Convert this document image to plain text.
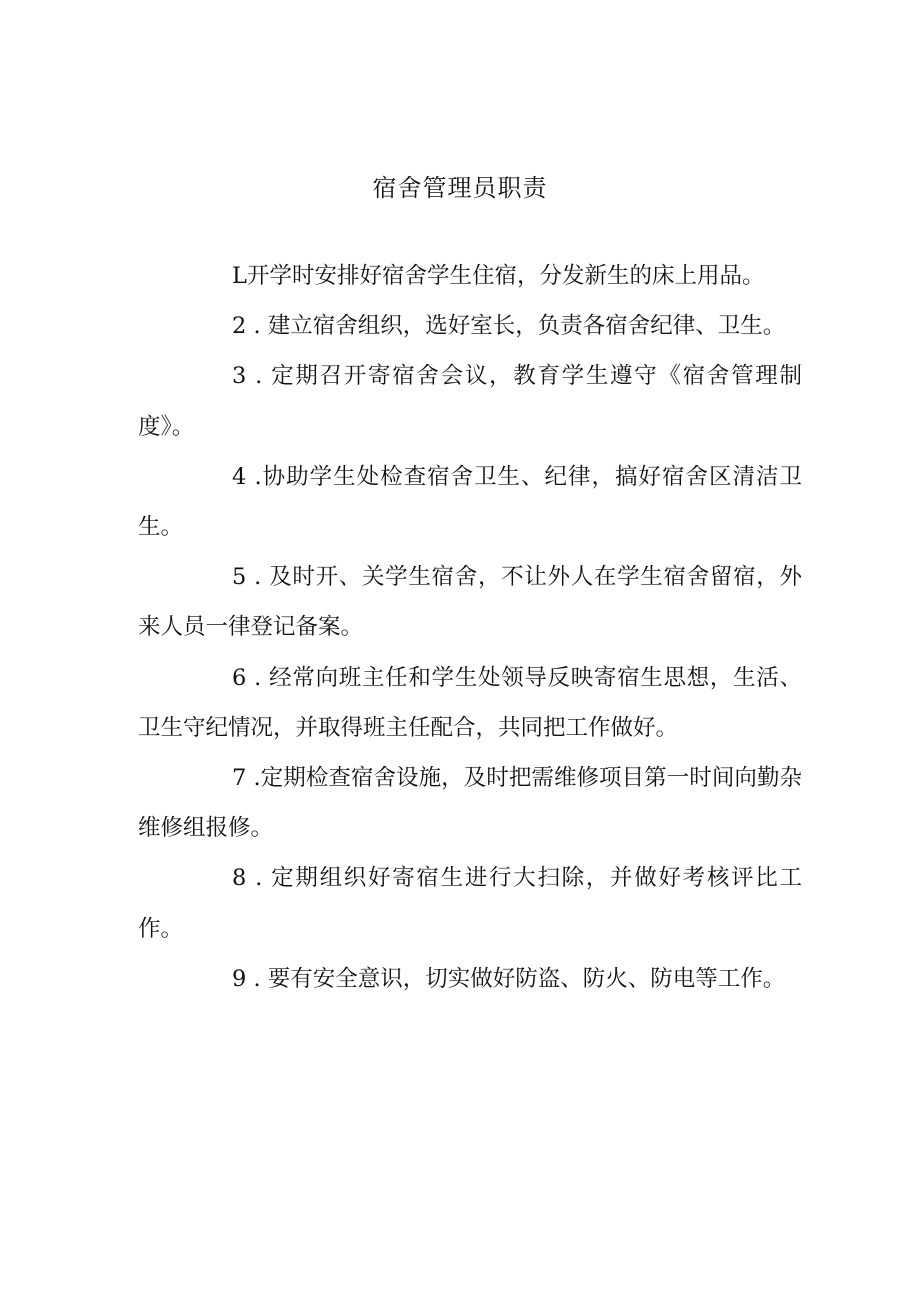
宿舍管理员职责

L开学时安排好宿舍学生住宿，分发新生的床上用品。

2 . 建立宿舍组织，选好室长，负责各宿舍纪律、卫生。

3 . 定期召开寄宿舍会议，教育学生遵守《宿舍管理制度》。

4 .协助学生处检查宿舍卫生、纪律，搞好宿舍区清洁卫生。

5 . 及时开、关学生宿舍，不让外人在学生宿舍留宿，外来人员一律登记备案。

6 . 经常向班主任和学生处领导反映寄宿生思想，生活、卫生守纪情况，并取得班主任配合，共同把工作做好。

7 .定期检查宿舍设施，及时把需维修项目第一时间向勤杂维修组报修。

8 . 定期组织好寄宿生进行大扫除，并做好考核评比工作。

9 . 要有安全意识，切实做好防盗、防火、防电等工作。
